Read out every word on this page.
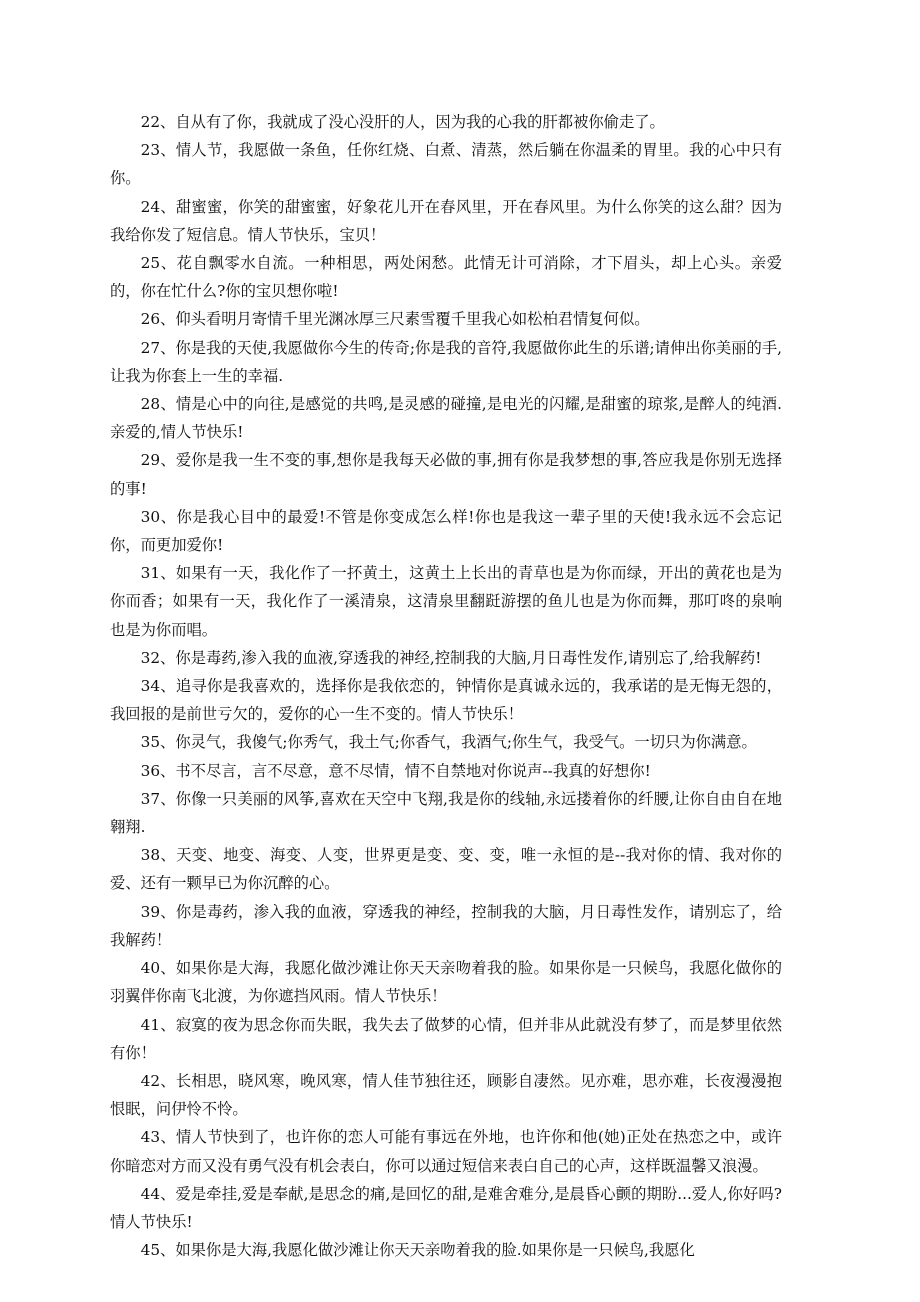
22、自从有了你，我就成了没心没肝的人，因为我的心我的肝都被你偷走了。

23、情人节，我愿做一条鱼，任你红烧、白煮、清蒸，然后躺在你温柔的胃里。我的心中只有你。

24、甜蜜蜜，你笑的甜蜜蜜，好象花儿开在春风里，开在春风里。为什么你笑的这么甜？因为我给你发了短信息。情人节快乐，宝贝！

25、花自飘零水自流。一种相思，两处闲愁。此情无计可消除，才下眉头，却上心头。亲爱的，你在忙什么?你的宝贝想你啦!

26、仰头看明月寄情千里光渊冰厚三尺素雪覆千里我心如松柏君情复何似。

27、你是我的天使,我愿做你今生的传奇;你是我的音符,我愿做你此生的乐谱;请伸出你美丽的手,让我为你套上一生的幸福.

28、情是心中的向往,是感觉的共鸣,是灵感的碰撞,是电光的闪耀,是甜蜜的琼浆,是醉人的纯酒.亲爱的,情人节快乐!

29、爱你是我一生不变的事,想你是我每天必做的事,拥有你是我梦想的事,答应我是你别无选择的事!

30、你是我心目中的最爱!不管是你变成怎么样!你也是我这一辈子里的天使!我永远不会忘记你，而更加爱你!

31、如果有一天，我化作了一抔黄土，这黄土上长出的青草也是为你而绿，开出的黄花也是为你而香；如果有一天，我化作了一溪清泉，这清泉里翻跹游摆的鱼儿也是为你而舞，那叮咚的泉响也是为你而唱。

32、你是毒药,渗入我的血液,穿透我的神经,控制我的大脑,月日毒性发作,请别忘了,给我解药!

34、追寻你是我喜欢的，选择你是我依恋的，钟情你是真诚永远的，我承诺的是无悔无怨的，我回报的是前世亏欠的，爱你的心一生不变的。情人节快乐！

35、你灵气，我傻气;你秀气，我土气;你香气，我酒气;你生气，我受气。一切只为你满意。

36、书不尽言，言不尽意，意不尽情，情不自禁地对你说声--我真的好想你!

37、你像一只美丽的风筝,喜欢在天空中飞翔,我是你的线轴,永远搂着你的纤腰,让你自由自在地翱翔.

38、天变、地变、海变、人变，世界更是变、变、变，唯一永恒的是--我对你的情、我对你的爱、还有一颗早已为你沉醉的心。

39、你是毒药，渗入我的血液，穿透我的神经，控制我的大脑，月日毒性发作，请别忘了，给我解药！

40、如果你是大海，我愿化做沙滩让你天天亲吻着我的脸。如果你是一只候鸟，我愿化做你的羽翼伴你南飞北渡，为你遮挡风雨。情人节快乐！

41、寂寞的夜为思念你而失眠，我失去了做梦的心情，但并非从此就没有梦了，而是梦里依然有你！

42、长相思，晓风寒，晚风寒，情人佳节独往还，顾影自凄然。见亦难，思亦难，长夜漫漫抱恨眠，问伊怜不怜。

43、情人节快到了，也许你的恋人可能有事远在外地，也许你和他(她)正处在热恋之中，或许你暗恋对方而又没有勇气没有机会表白，你可以通过短信来表白自己的心声，这样既温馨又浪漫。

44、爱是牵挂,爱是奉献,是思念的痛,是回忆的甜,是难舍难分,是晨昏心颤的期盼...爱人,你好吗?情人节快乐!

45、如果你是大海,我愿化做沙滩让你天天亲吻着我的脸.如果你是一只候鸟,我愿化
